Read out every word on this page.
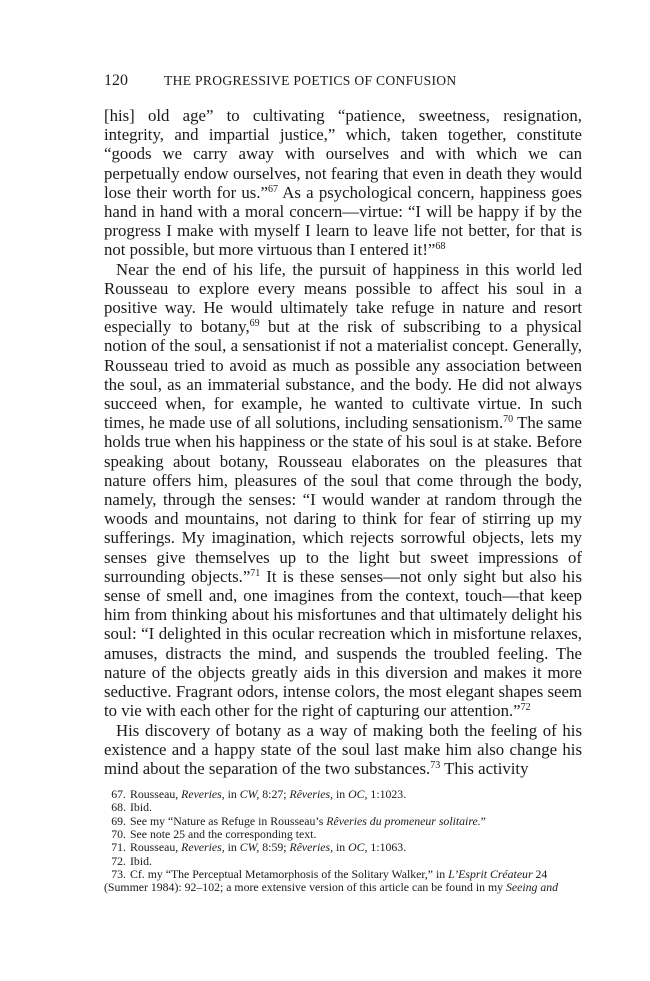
120	THE PROGRESSIVE POETICS OF CONFUSION

[his] old age” to cultivating “patience, sweetness, resignation, integrity, and impartial justice,” which, taken together, constitute “goods we carry away with ourselves and with which we can perpetually endow ourselves, not fearing that even in death they would lose their worth for us.”$^{67}$ As a psychological concern, happiness goes hand in hand with a moral concern—virtue: “I will be happy if by the progress I make with myself I learn to leave life not better, for that is not possible, but more virtuous than I entered it!”$^{68}$

Near the end of his life, the pursuit of happiness in this world led Rousseau to explore every means possible to affect his soul in a positive way. He would ultimately take refuge in nature and resort especially to botany,$^{69}$ but at the risk of subscribing to a physical notion of the soul, a sensationist if not a materialist concept. Generally, Rousseau tried to avoid as much as possible any association between the soul, as an immaterial substance, and the body. He did not always succeed when, for example, he wanted to cultivate virtue. In such times, he made use of all solutions, including sensationism.$^{70}$ The same holds true when his happiness or the state of his soul is at stake. Before speaking about botany, Rousseau elaborates on the pleasures that nature offers him, pleasures of the soul that come through the body, namely, through the senses: “I would wander at random through the woods and mountains, not daring to think for fear of stirring up my sufferings. My imagination, which rejects sorrowful objects, lets my senses give themselves up to the light but sweet impressions of surrounding objects.”$^{71}$ It is these senses—not only sight but also his sense of smell and, one imagines from the context, touch—that keep him from thinking about his misfortunes and that ultimately delight his soul: “I delighted in this ocular recreation which in misfortune relaxes, amuses, distracts the mind, and suspends the troubled feeling. The nature of the objects greatly aids in this diversion and makes it more seductive. Fragrant odors, intense colors, the most elegant shapes seem to vie with each other for the right of capturing our attention.”$^{72}$

His discovery of botany as a way of making both the feeling of his existence and a happy state of the soul last make him also change his mind about the separation of the two substances.$^{73}$ This activity

67. Rousseau, Reveries, in CW, 8:27; Rêveries, in OC, 1:1023.
68. Ibid.
69. See my “Nature as Refuge in Rousseau’s Rêveries du promeneur solitaire.”
70. See note 25 and the corresponding text.
71. Rousseau, Reveries, in CW, 8:59; Rêveries, in OC, 1:1063.
72. Ibid.
73. Cf. my “The Perceptual Metamorphosis of the Solitary Walker,” in L’Esprit Créateur 24 (Summer 1984): 92–102; a more extensive version of this article can be found in my Seeing and
